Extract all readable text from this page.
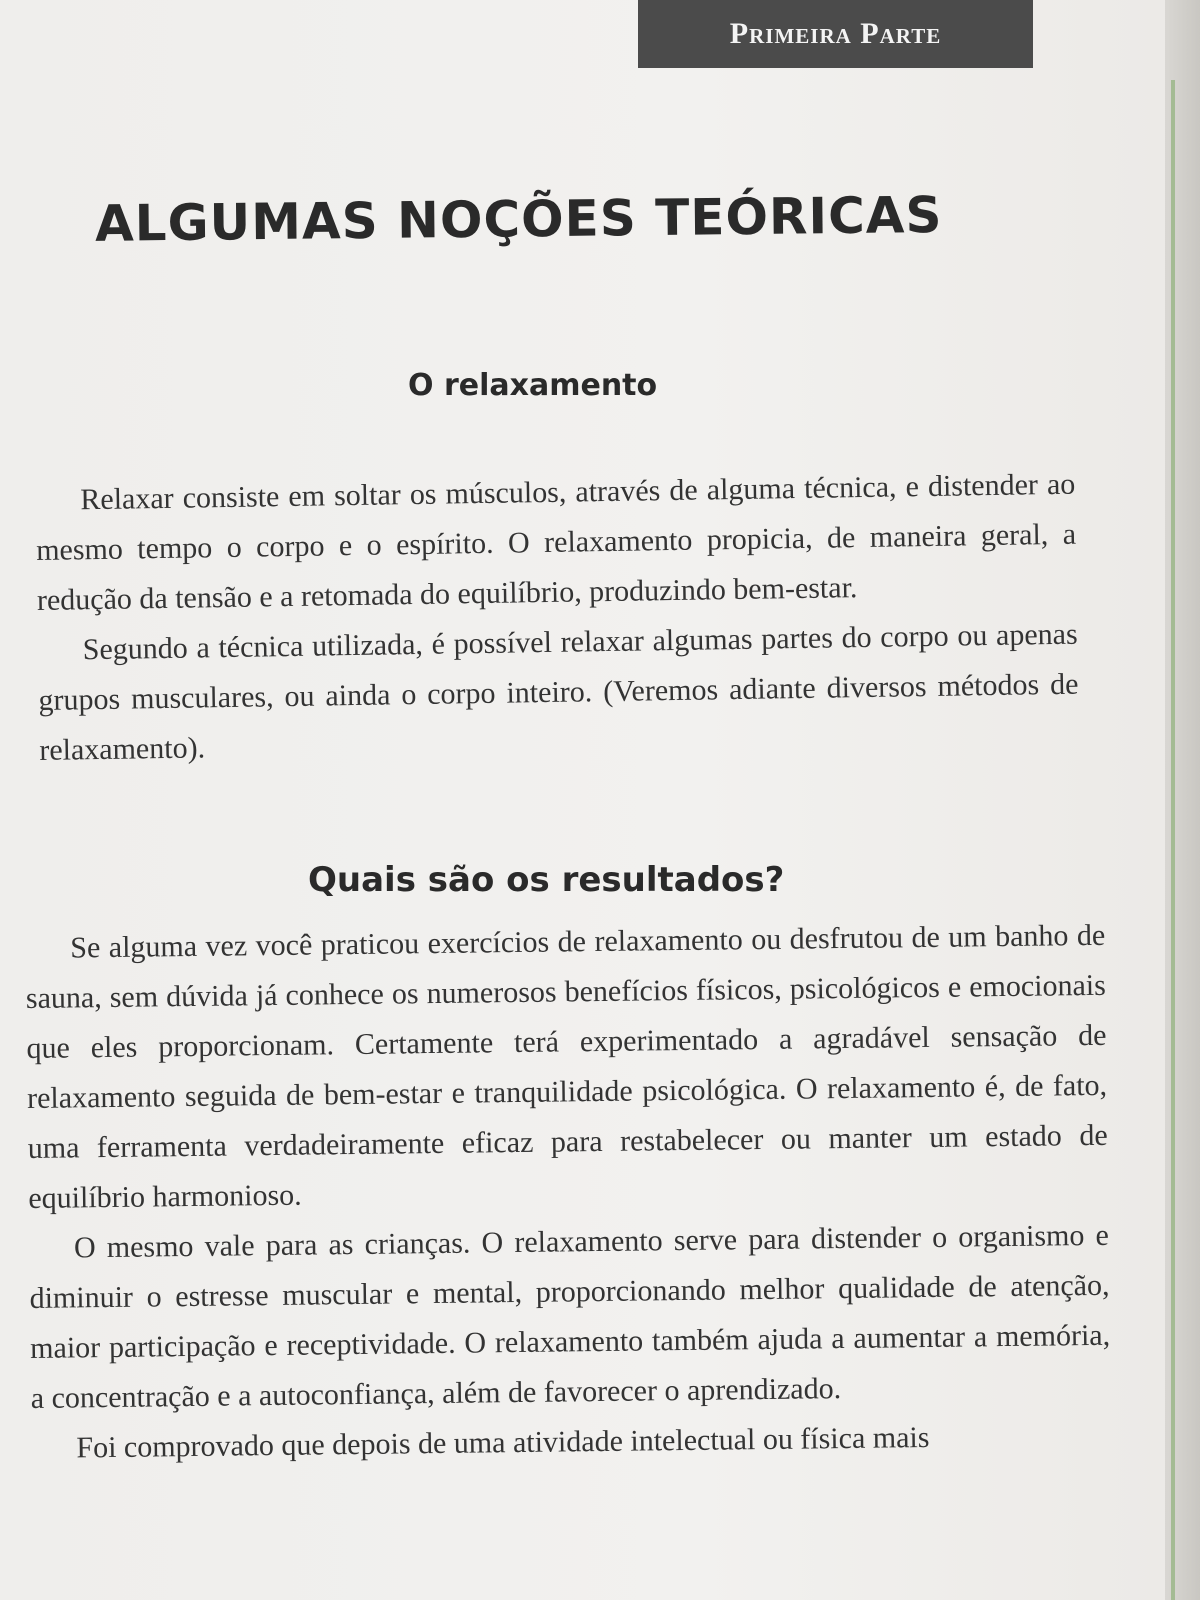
Primeira Parte
ALGUMAS NOÇÕES TEÓRICAS
O relaxamento

Relaxar consiste em soltar os músculos, através de alguma técnica, e distender ao mesmo tempo o corpo e o espírito. O relaxamento propicia, de maneira geral, a redução da tensão e a retomada do equilíbrio, produzindo bem-estar.

Segundo a técnica utilizada, é possível relaxar algumas partes do corpo ou apenas grupos musculares, ou ainda o corpo inteiro. (Veremos adiante diversos métodos de relaxamento).

Quais são os resultados?

Se alguma vez você praticou exercícios de relaxamento ou desfrutou de um banho de sauna, sem dúvida já conhece os numerosos benefícios físicos, psicológicos e emocionais que eles proporcionam. Certamente terá experimentado a agradável sensação de relaxamento seguida de bem-estar e tranquilidade psicológica. O relaxamento é, de fato, uma ferramenta verdadeiramente eficaz para restabelecer ou manter um estado de equilíbrio harmonioso.

O mesmo vale para as crianças. O relaxamento serve para distender o organismo e diminuir o estresse muscular e mental, proporcionando melhor qualidade de atenção, maior participação e receptividade. O relaxamento também ajuda a aumentar a memória, a concentração e a autoconfiança, além de favorecer o aprendizado.

Foi comprovado que depois de uma atividade intelectual ou física mais
